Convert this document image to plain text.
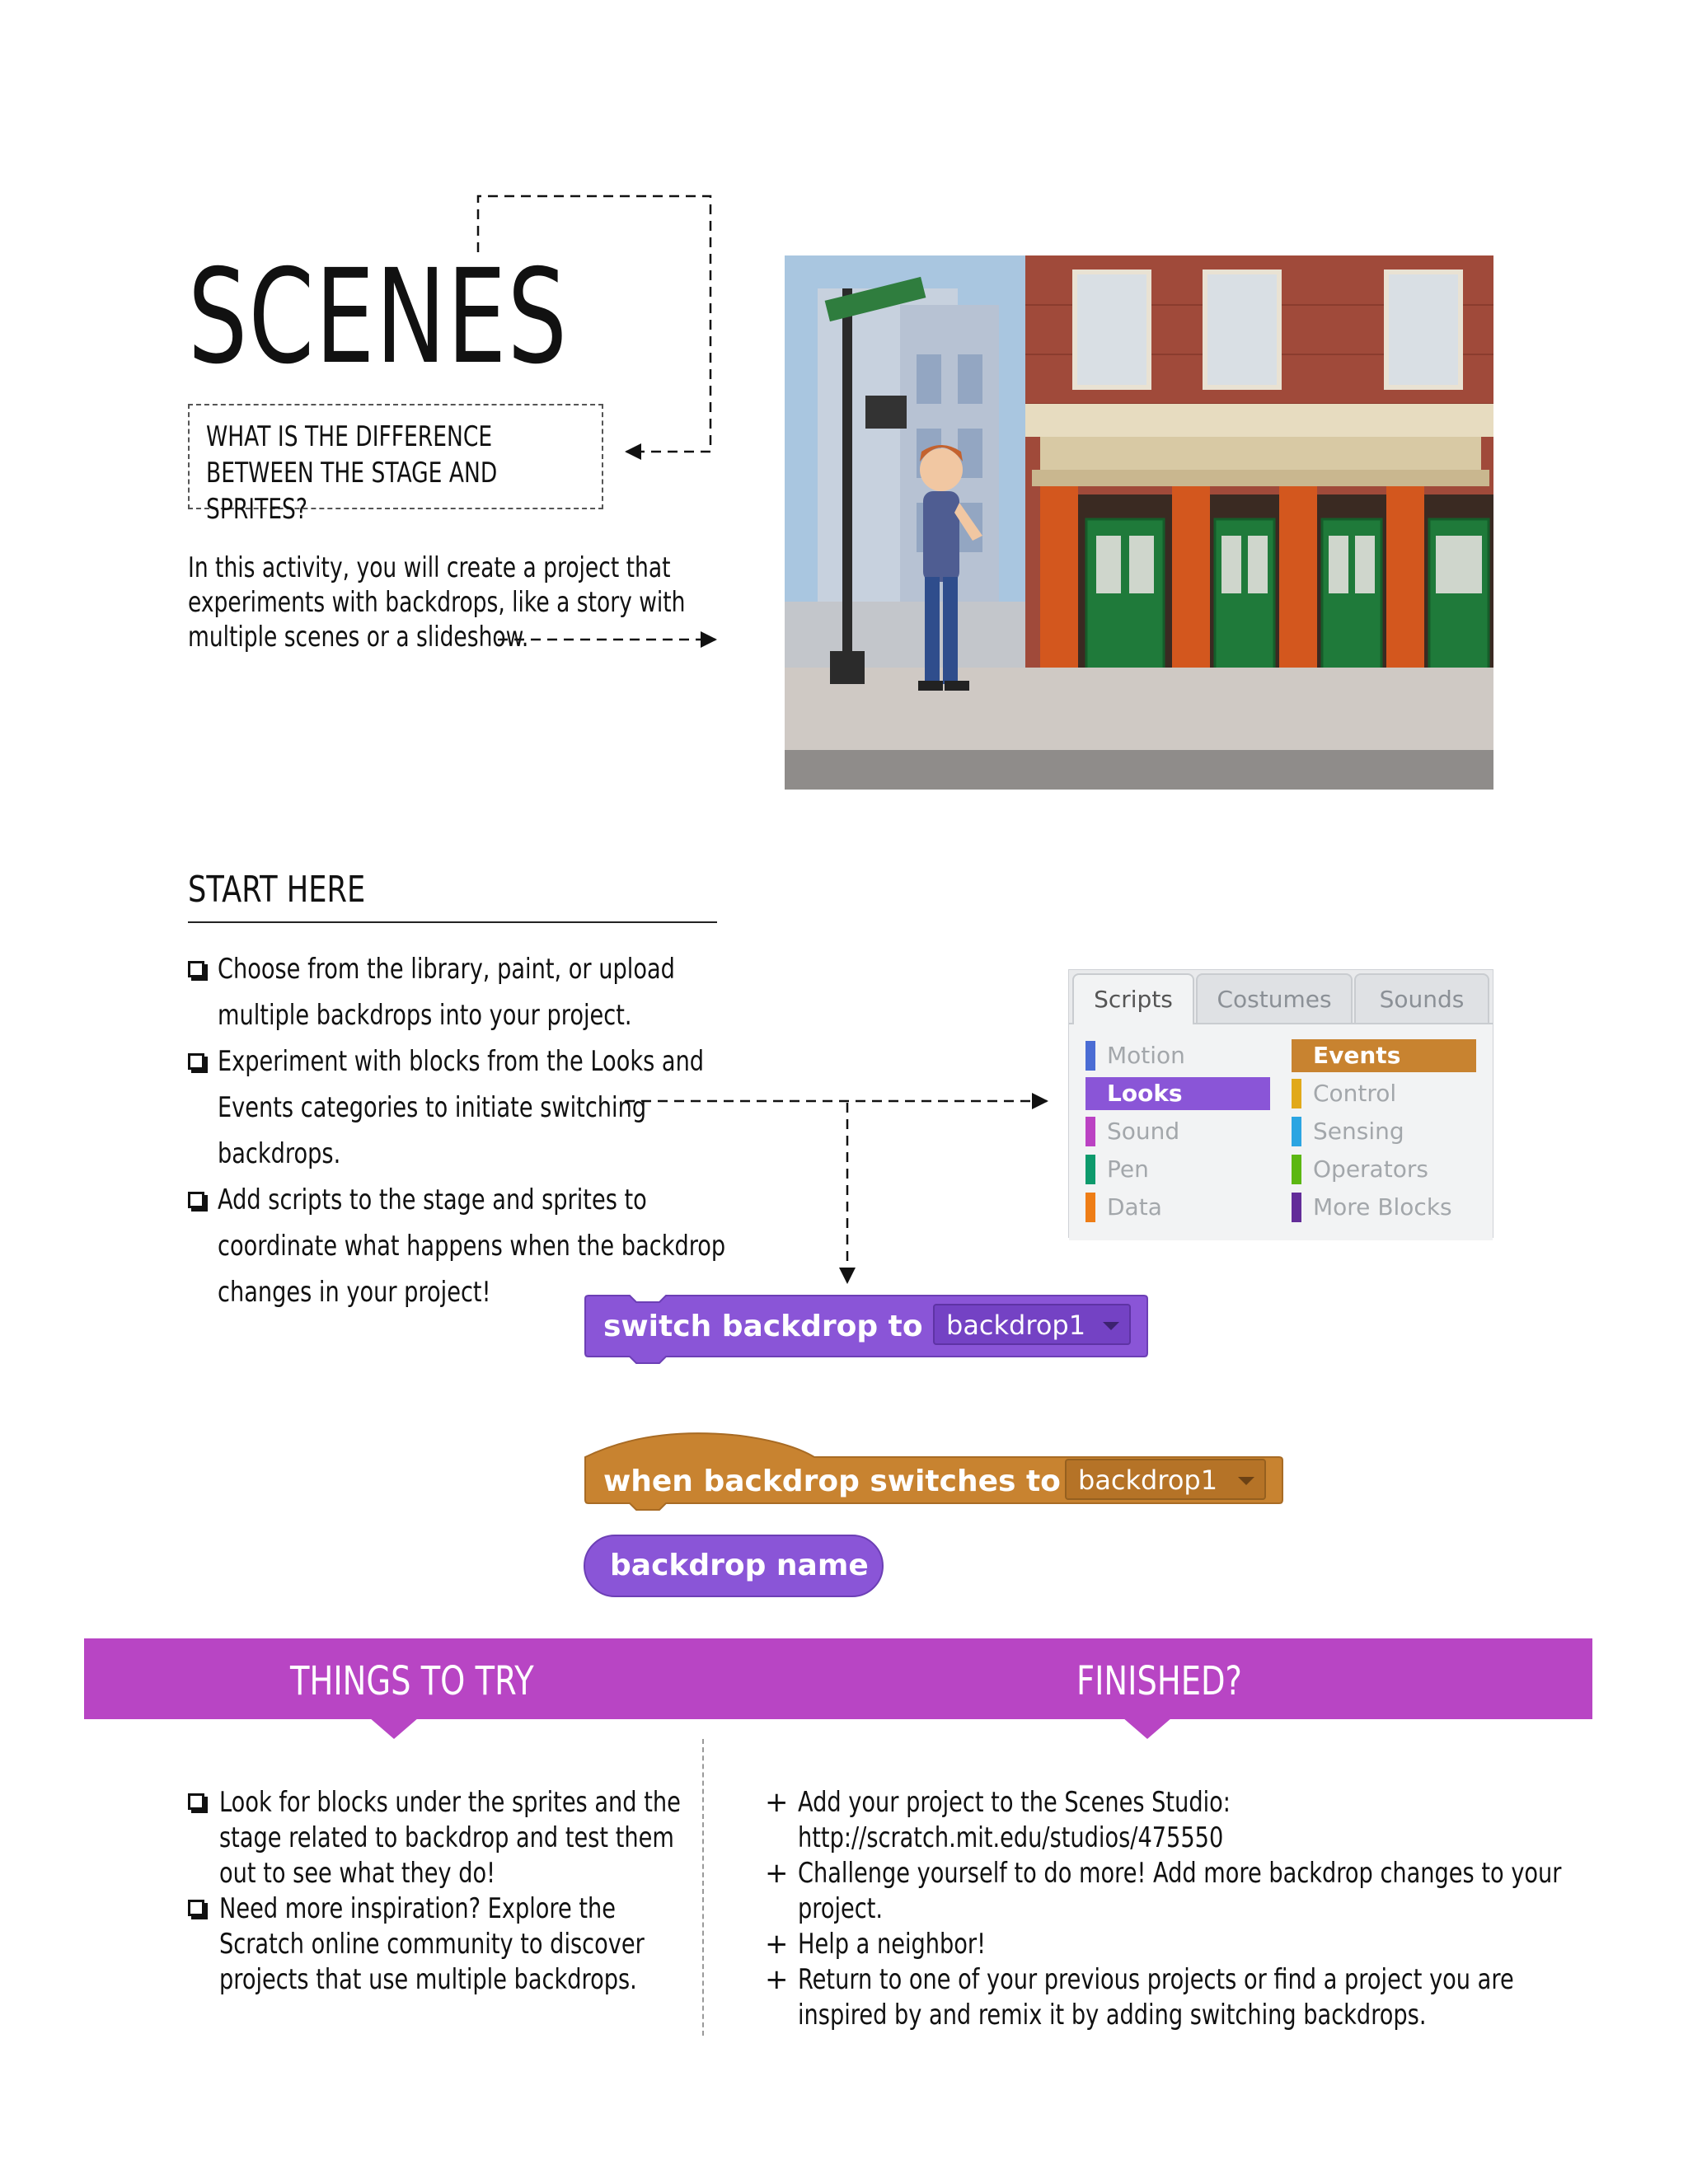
SCENES
WHAT IS THE DIFFERENCE BETWEEN THE STAGE AND SPRITES?
In this activity, you will create a project that experiments with backdrops, like a story with multiple scenes or a slideshow.
START HERE
Choose from the library, paint, or upload multiple backdrops into your project.
Experiment with blocks from the Looks and Events categories to initiate switching backdrops.
Add scripts to the stage and sprites to coordinate what happens when the backdrop changes in your project!
Scripts	Costumes	Sounds
Motion
Looks
Sound
Pen
Data
Events
Control
Sensing
Operators
More Blocks
switch backdrop to backdrop1
when backdrop switches to backdrop1
backdrop name
THINGS TO TRY	FINISHED?
Look for blocks under the sprites and the stage related to backdrop and test them out to see what they do!
Need more inspiration? Explore the Scratch online community to discover projects that use multiple backdrops.
+ Add your project to the Scenes Studio: http://scratch.mit.edu/studios/475550
+ Challenge yourself to do more! Add more backdrop changes to your project.
+ Help a neighbor!
+ Return to one of your previous projects or find a project you are inspired by and remix it by adding switching backdrops.
